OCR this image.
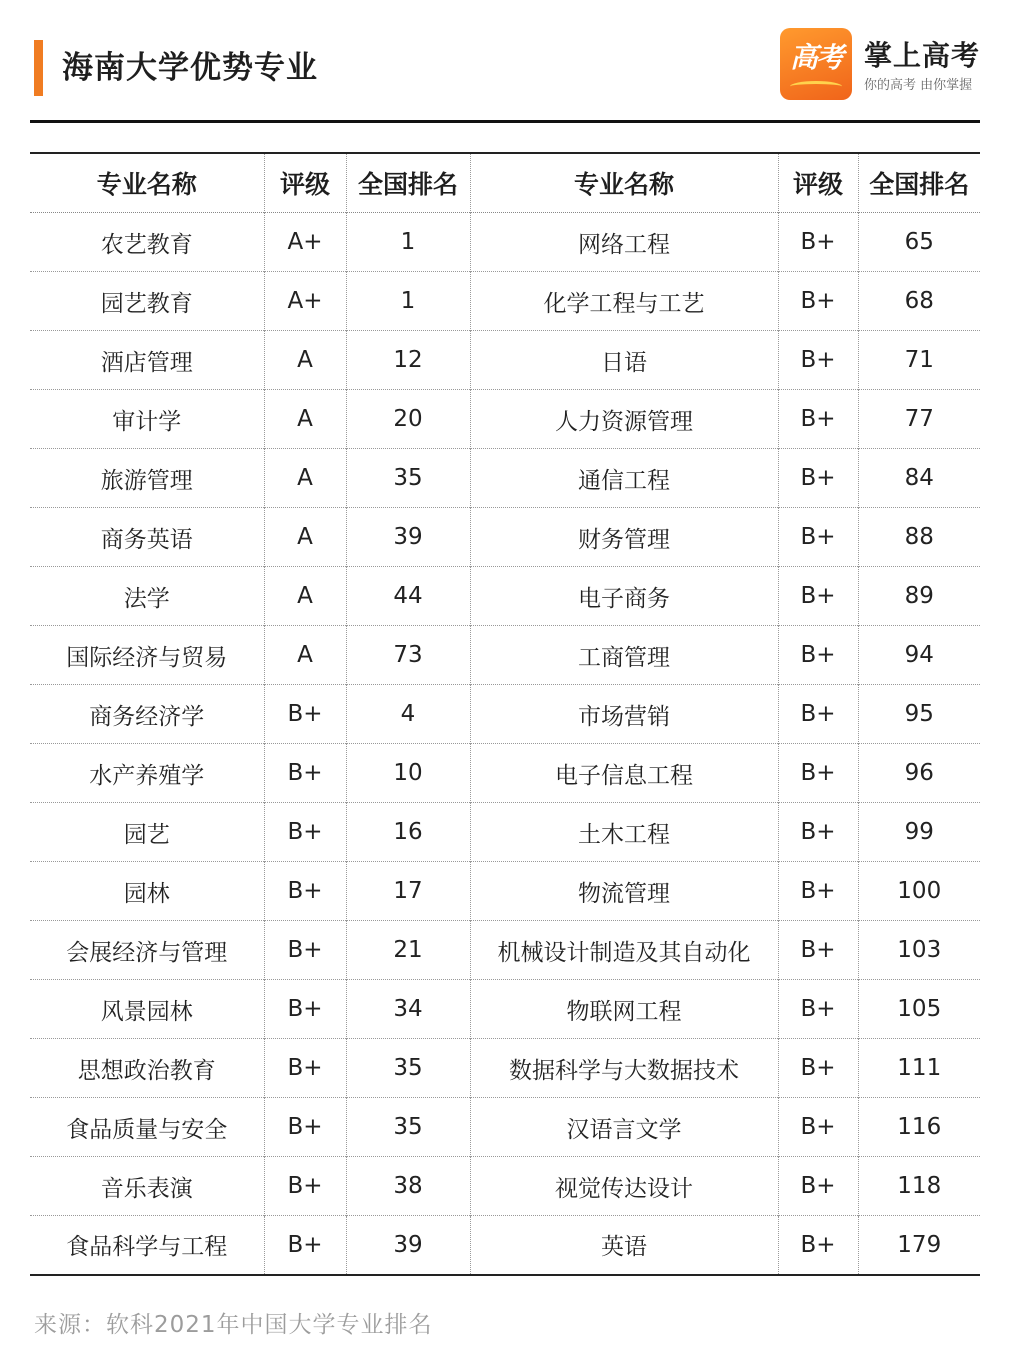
海南大学优势专业	高考 掌上高考
你的高考 由你掌握
专业名称	评级	全国排名	专业名称	评级	全国排名
农艺教育	A+	1	网络工程	B+	65
园艺教育	A+	1	化学工程与工艺	B+	68
酒店管理	A	12	日语	B+	71
审计学	A	20	人力资源管理	B+	77
旅游管理	A	35	通信工程	B+	84
商务英语	A	39	财务管理	B+	88
法学	A	44	电子商务	B+	89
国际经济与贸易	A	73	工商管理	B+	94
商务经济学	B+	4	市场营销	B+	95
水产养殖学	B+	10	电子信息工程	B+	96
园艺	B+	16	土木工程	B+	99
园林	B+	17	物流管理	B+	100
会展经济与管理	B+	21	机械设计制造及其自动化	B+	103
风景园林	B+	34	物联网工程	B+	105
思想政治教育	B+	35	数据科学与大数据技术	B+	111
食品质量与安全	B+	35	汉语言文学	B+	116
音乐表演	B+	38	视觉传达设计	B+	118
食品科学与工程	B+	39	英语	B+	179
来源：软科2021年中国大学专业排名
